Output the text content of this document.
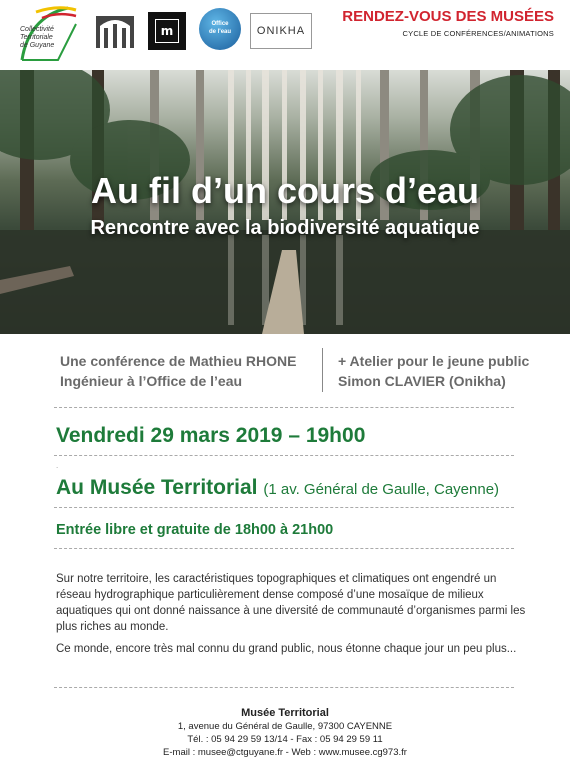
Collectivité
Territoriale
de Guyane
m	Office
de l'eau	ONIKHA
RENDEZ-VOUS DES MUSÉES
CYCLE DE CONFÉRENCES/ANIMATIONS
Au fil d’un cours d’eau
Rencontre avec la biodiversité aquatique
Une conférence de Mathieu RHONE
Ingénieur à l’Office de l’eau
+ Atelier pour le jeune public
Simon CLAVIER (Onikha)
Vendredi 29 mars 2019 – 19h00
.
Au Musée Territorial (1 av. Général de Gaulle, Cayenne)
Entrée libre et gratuite de 18h00 à 21h00
Sur notre territoire, les caractéristiques topographiques et climatiques ont engendré un réseau hydrographique particulièrement dense composé d’une mosaïque de milieux aquatiques qui ont donné naissance à une diversité de communauté d’organismes parmi les plus riches au monde.
Ce monde, encore très mal connu du grand public, nous étonne chaque jour un peu plus...
Musée Territorial
1, avenue du Général de Gaulle, 97300 CAYENNE
Tél. : 05 94 29 59 13/14 - Fax : 05 94 29 59 11
E-mail : musee@ctguyane.fr - Web : www.musee.cg973.fr
